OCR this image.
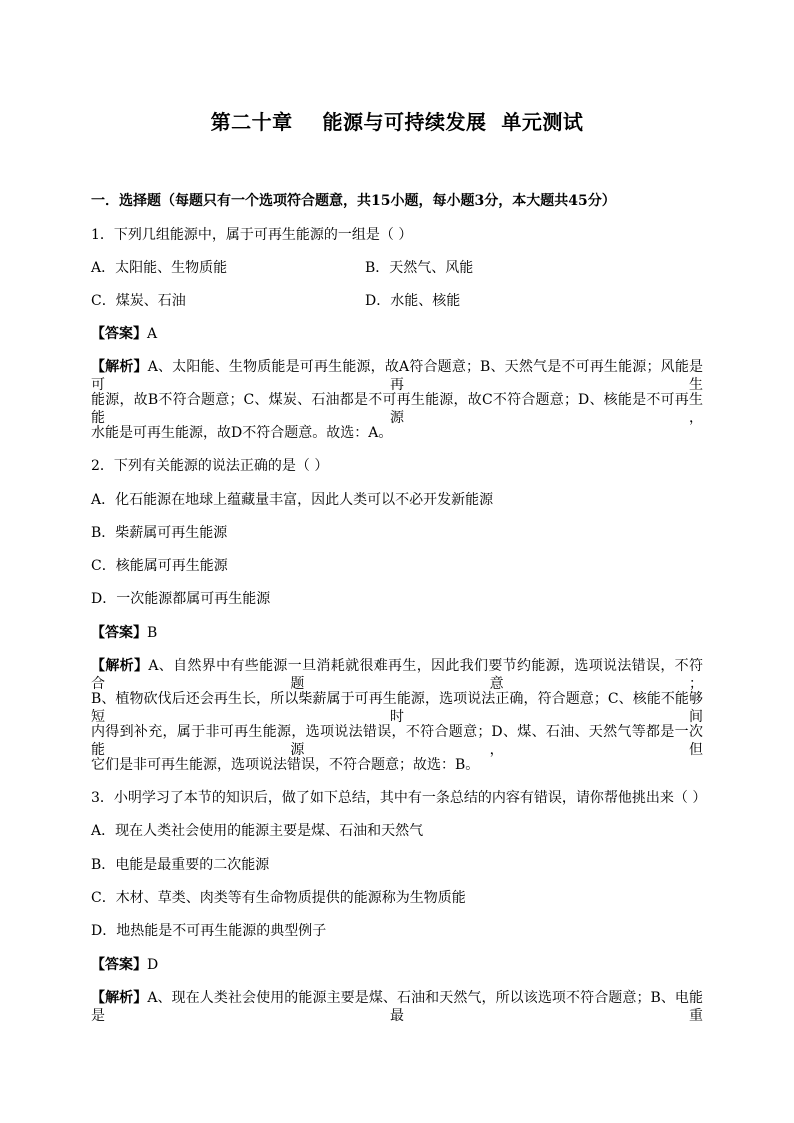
第二十章    能源与可持续发展  单元测试
一．选择题（每题只有一个选项符合题意，共15小题，每小题3分，本大题共45分）
1．下列几组能源中，属于可再生能源的一组是（ ）
A．太阳能、生物质能	B．天然气、风能
C．煤炭、石油	D．水能、核能
【答案】A
【解析】A、太阳能、生物质能是可再生能源，故A符合题意；B、天然气是不可再生能源；风能是可再生
能源，故B不符合题意；C、煤炭、石油都是不可再生能源，故C不符合题意；D、核能是不可再生能源，
水能是可再生能源，故D不符合题意。故选：A。
2．下列有关能源的说法正确的是（ ）
A．化石能源在地球上蕴藏量丰富，因此人类可以不必开发新能源
B．柴薪属可再生能源
C．核能属可再生能源
D．一次能源都属可再生能源
【答案】B
【解析】A、自然界中有些能源一旦消耗就很难再生，因此我们要节约能源，选项说法错误，不符合题意；
B、植物砍伐后还会再生长，所以柴薪属于可再生能源，选项说法正确，符合题意；C、核能不能够短时间
内得到补充，属于非可再生能源，选项说法错误，不符合题意；D、煤、石油、天然气等都是一次能源，但
它们是非可再生能源，选项说法错误，不符合题意；故选：B。
3．小明学习了本节的知识后，做了如下总结，其中有一条总结的内容有错误，请你帮他挑出来（ ）
A．现在人类社会使用的能源主要是煤、石油和天然气
B．电能是最重要的二次能源
C．木材、草类、肉类等有生命物质提供的能源称为生物质能
D．地热能是不可再生能源的典型例子
【答案】D
【解析】A、现在人类社会使用的能源主要是煤、石油和天然气，所以该选项不符合题意；B、电能是最重
